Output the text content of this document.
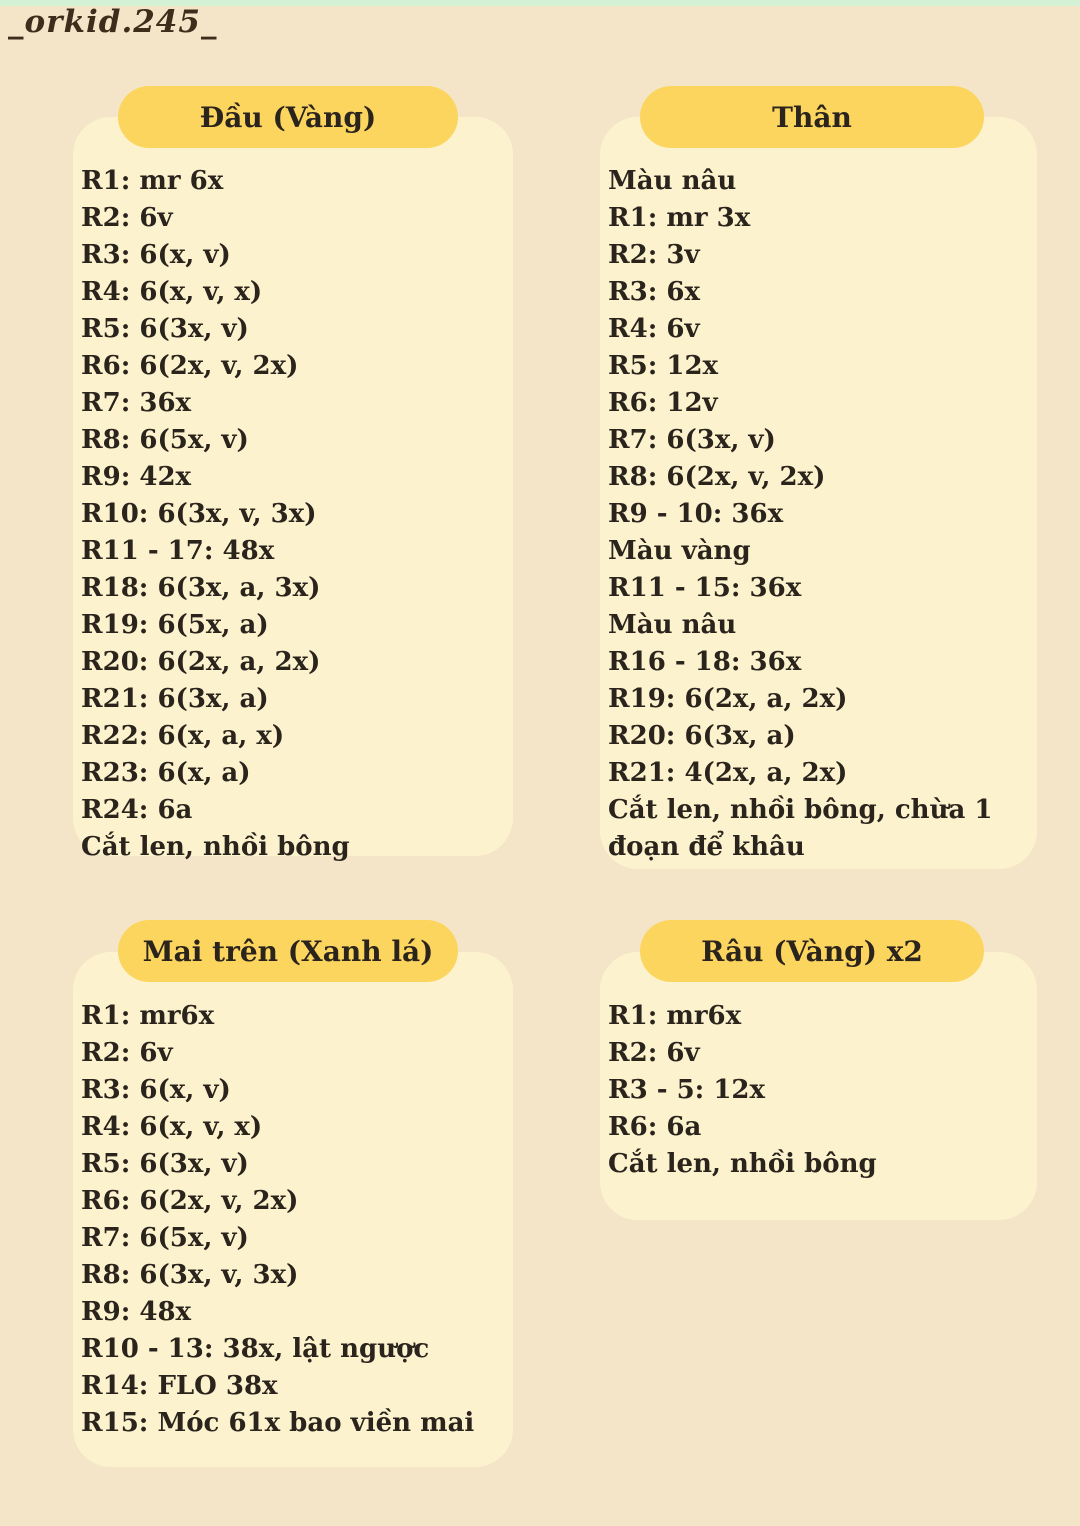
_orkid.245_
Đầu (Vàng)
R1: mr 6x
R2: 6v
R3: 6(x, v)
R4: 6(x, v, x)
R5: 6(3x, v)
R6: 6(2x, v, 2x)
R7: 36x
R8: 6(5x, v)
R9: 42x
R10: 6(3x, v, 3x)
R11 - 17: 48x
R18: 6(3x, a, 3x)
R19: 6(5x, a)
R20: 6(2x, a, 2x)
R21: 6(3x, a)
R22: 6(x, a, x)
R23: 6(x, a)
R24: 6a
Cắt len, nhồi bông
Thân
Màu nâu
R1: mr 3x
R2: 3v
R3: 6x
R4: 6v
R5: 12x
R6: 12v
R7: 6(3x, v)
R8: 6(2x, v, 2x)
R9 - 10: 36x
Màu vàng
R11 - 15: 36x
Màu nâu
R16 - 18: 36x
R19: 6(2x, a, 2x)
R20: 6(3x, a)
R21: 4(2x, a, 2x)
Cắt len, nhồi bông, chừa 1 đoạn để khâu
Mai trên (Xanh lá)
R1: mr6x
R2: 6v
R3: 6(x, v)
R4: 6(x, v, x)
R5: 6(3x, v)
R6: 6(2x, v, 2x)
R7: 6(5x, v)
R8: 6(3x, v, 3x)
R9: 48x
R10 - 13: 38x, lật ngược
R14: FLO 38x
R15: Móc 61x bao viền mai
Râu (Vàng) x2
R1: mr6x
R2: 6v
R3 - 5: 12x
R6: 6a
Cắt len, nhồi bông
